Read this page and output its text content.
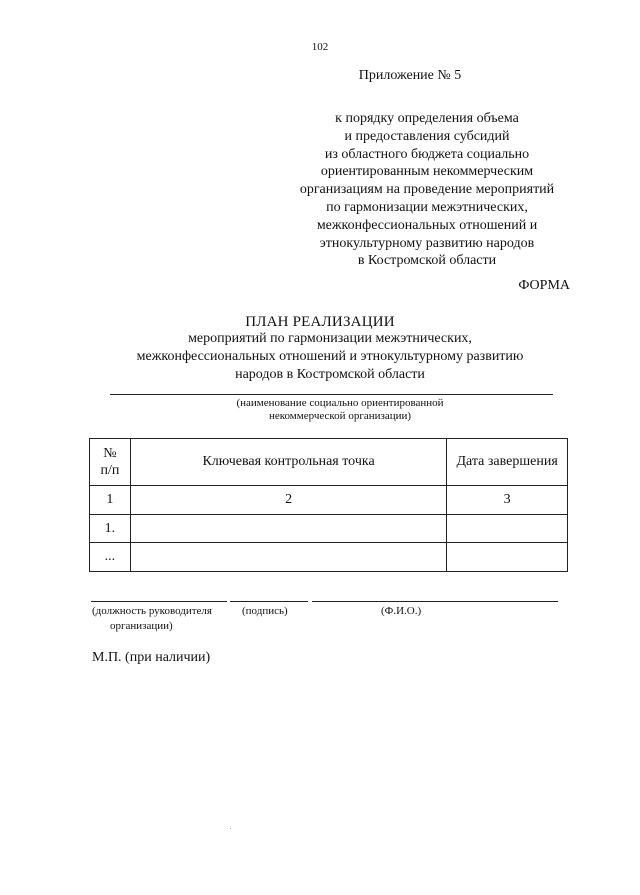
102
Приложение № 5
к порядку определения объема
и предоставления субсидий
из областного бюджета социально
ориентированным некоммерческим
организациям на проведение мероприятий
по гармонизации межэтнических,
межконфессиональных отношений и
этнокультурному развитию народов
в Костромской области
ФОРМА
ПЛАН РЕАЛИЗАЦИИ
мероприятий по гармонизации межэтнических,
межконфессиональных отношений и этнокультурному развитию
народов в Костромской области
(наименование социально ориентированной
некоммерческой организации)
№
п/п	Ключевая контрольная точка	Дата завершения
1	2	3
1.		
...		
(должность руководителя
организации)
(подпись)	(Ф.И.О.)
М.П. (при наличии)
